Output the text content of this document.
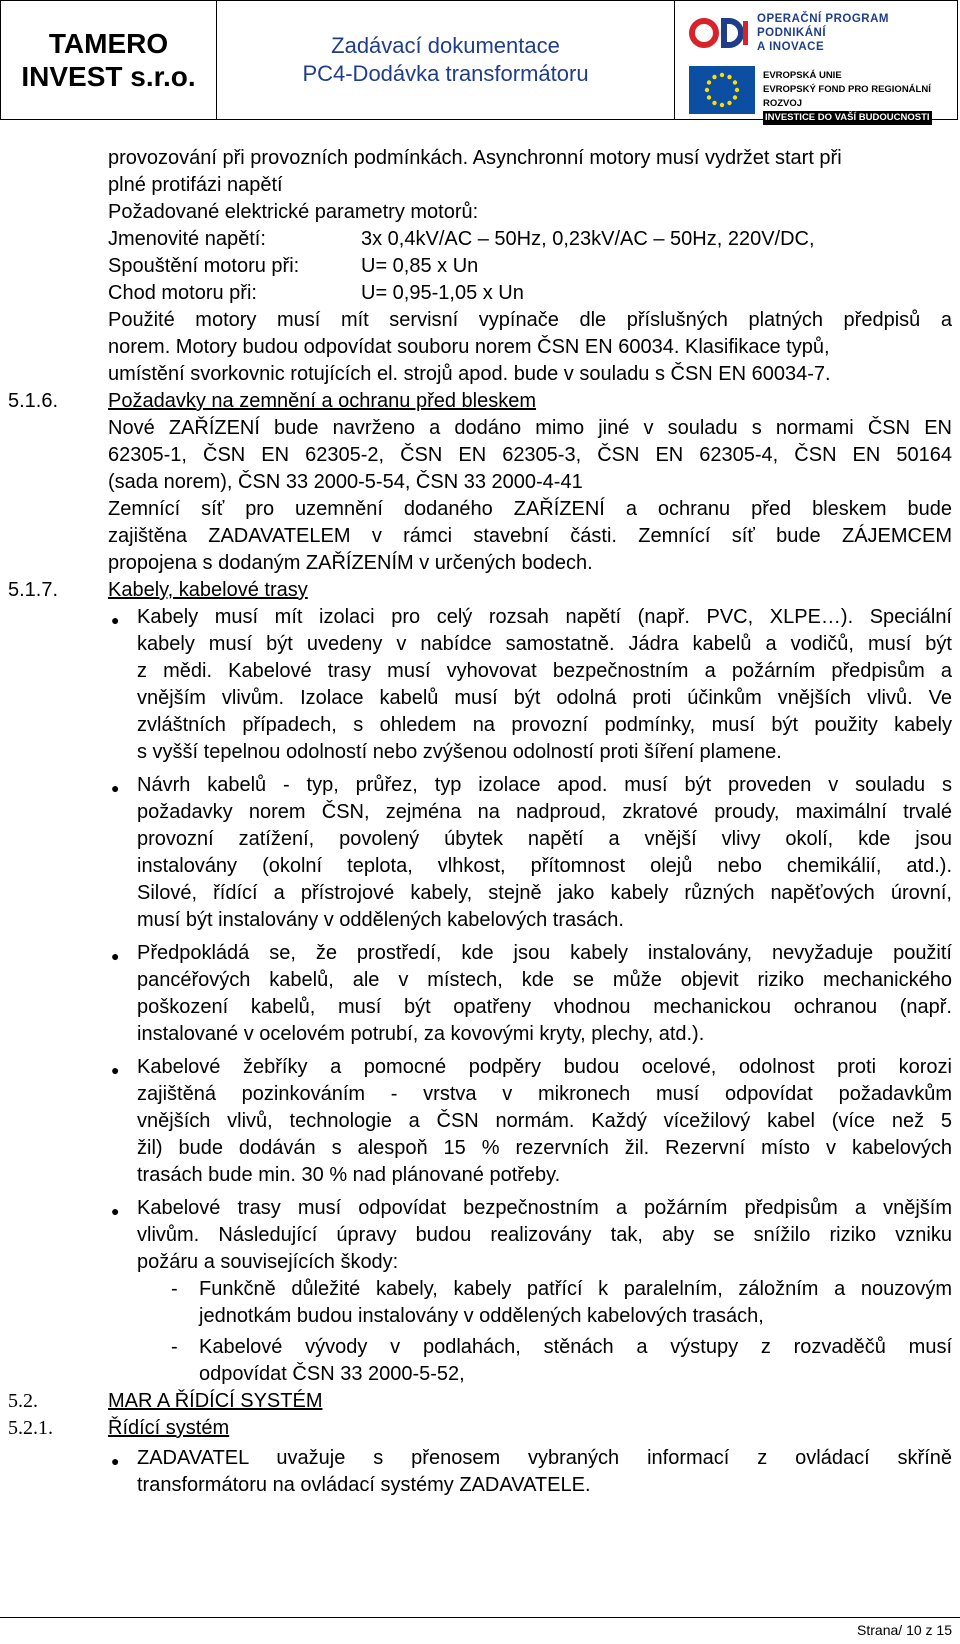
TAMERO
INVEST s.r.o.
Zadávací dokumentace
PC4-Dodávka transformátoru
OPERAČNÍ PROGRAM
PODNIKÁNÍ
A INOVACE
EVROPSKÁ UNIE
EVROPSKÝ FOND PRO REGIONÁLNÍ ROZVOJ
INVESTICE DO VAŠÍ BUDOUCNOSTI
provozování při provozních podmínkách. Asynchronní motory musí vydržet start při
plné protifázi napětí
Požadované elektrické parametry motorů:
Jmenovité napětí:	3x 0,4kV/AC – 50Hz, 0,23kV/AC – 50Hz, 220V/DC,
Spouštění motoru při:	U= 0,85 x Un
Chod motoru při:	U= 0,95-1,05 x Un
Použité motory musí mít servisní vypínače dle příslušných platných předpisů a
norem. Motory budou odpovídat souboru norem ČSN EN 60034. Klasifikace typů,
umístění svorkovnic rotujících el. strojů apod. bude v souladu s ČSN EN 60034-7.
5.1.6. Požadavky na zemnění a ochranu před bleskem
Nové ZAŘÍZENÍ bude navrženo a dodáno mimo jiné v souladu s normami ČSN EN
62305-1, ČSN EN 62305-2, ČSN EN 62305-3, ČSN EN 62305-4, ČSN EN 50164
(sada norem), ČSN 33 2000-5-54, ČSN 33 2000-4-41
Zemnící síť pro uzemnění dodaného ZAŘÍZENÍ a ochranu před bleskem bude
zajištěna ZADAVATELEM v rámci stavební části. Zemnící síť bude ZÁJEMCEM
propojena s dodaným ZAŘÍZENÍM v určených bodech.
5.1.7. Kabely, kabelové trasy
● Kabely musí mít izolaci pro celý rozsah napětí (např. PVC, XLPE…). Speciální
kabely musí být uvedeny v nabídce samostatně. Jádra kabelů a vodičů, musí být
z mědi. Kabelové trasy musí vyhovovat bezpečnostním a požárním předpisům a
vnějším vlivům. Izolace kabelů musí být odolná proti účinkům vnějších vlivů. Ve
zvláštních případech, s ohledem na provozní podmínky, musí být použity kabely
s vyšší tepelnou odolností nebo zvýšenou odolností proti šíření plamene.
● Návrh kabelů - typ, průřez, typ izolace apod. musí být proveden v souladu s
požadavky norem ČSN, zejména na nadproud, zkratové proudy, maximální trvalé
provozní zatížení, povolený úbytek napětí a vnější vlivy okolí, kde jsou
instalovány (okolní teplota, vlhkost, přítomnost olejů nebo chemikálií, atd.).
Silové, řídící a přístrojové kabely, stejně jako kabely různých napěťových úrovní,
musí být instalovány v oddělených kabelových trasách.
● Předpokládá se, že prostředí, kde jsou kabely instalovány, nevyžaduje použití
pancéřových kabelů, ale v místech, kde se může objevit riziko mechanického
poškození kabelů, musí být opatřeny vhodnou mechanickou ochranou (např.
instalované v ocelovém potrubí, za kovovými kryty, plechy, atd.).
● Kabelové žebříky a pomocné podpěry budou ocelové, odolnost proti korozi
zajištěná pozinkováním - vrstva v mikronech musí odpovídat požadavkům
vnějších vlivů, technologie a ČSN normám. Každý vícežilový kabel (více než 5
žil) bude dodáván s alespoň 15 % rezervních žil. Rezervní místo v kabelových
trasách bude min. 30 % nad plánované potřeby.
● Kabelové trasy musí odpovídat bezpečnostním a požárním předpisům a vnějším
vlivům. Následující úpravy budou realizovány tak, aby se snížilo riziko vzniku
požáru a souvisejících škody:
- Funkčně důležité kabely, kabely patřící k paralelním, záložním a nouzovým
jednotkám budou instalovány v oddělených kabelových trasách,
- Kabelové vývody v podlahách, stěnách a výstupy z rozvaděčů musí
odpovídat ČSN 33 2000-5-52,
5.2.	MAR A ŘÍDÍCÍ SYSTÉM
5.2.1.	Řídící systém
● ZADAVATEL uvažuje s přenosem vybraných informací z ovládací skříně
transformátoru na ovládací systémy ZADAVATELE.
Strana/ 10 z 15
